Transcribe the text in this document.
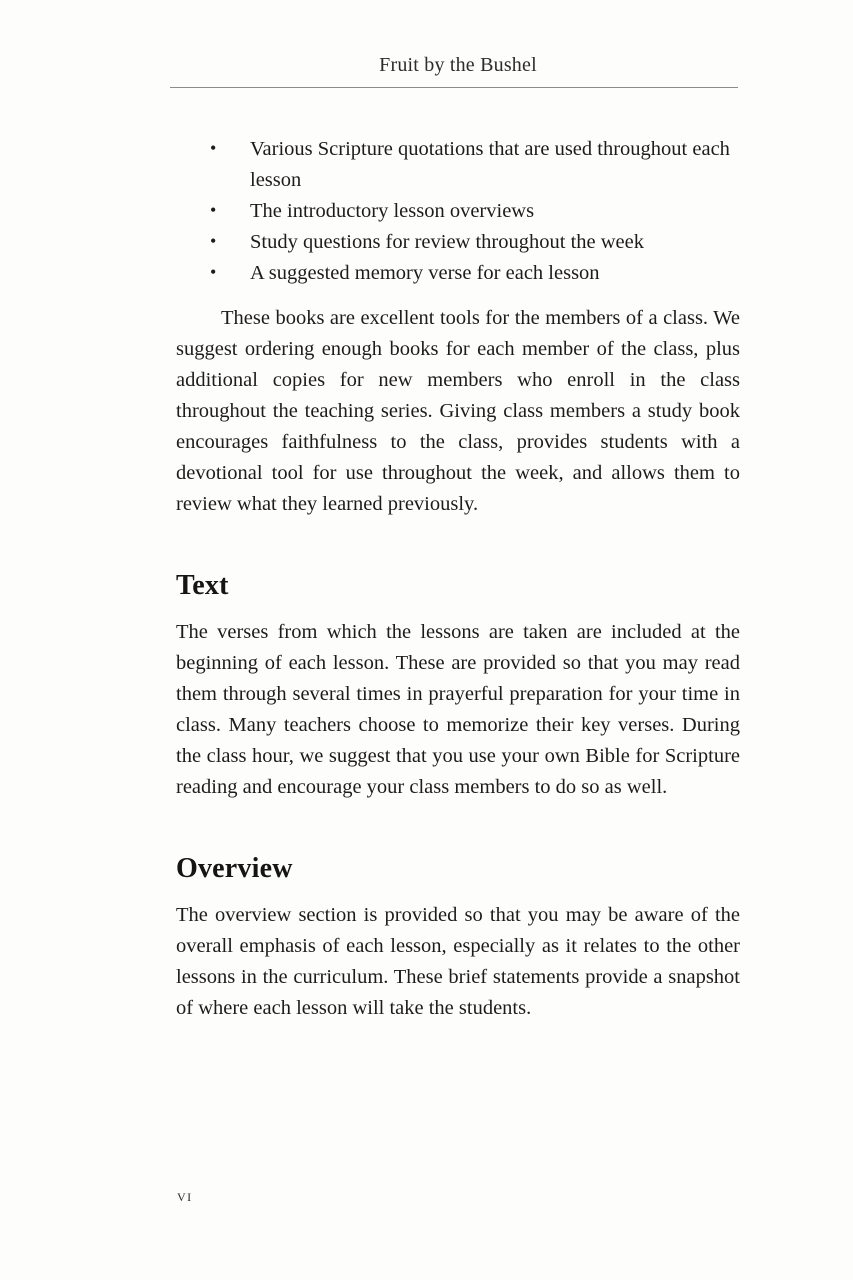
Fruit by the Bushel
• Various Scripture quotations that are used throughout each lesson
• The introductory lesson overviews
• Study questions for review throughout the week
• A suggested memory verse for each lesson

These books are excellent tools for the members of a class. We suggest ordering enough books for each member of the class, plus additional copies for new members who enroll in the class throughout the teaching series. Giving class members a study book encourages faithfulness to the class, provides students with a devotional tool for use throughout the week, and allows them to review what they learned previously.

Text

The verses from which the lessons are taken are included at the beginning of each lesson. These are provided so that you may read them through several times in prayerful preparation for your time in class. Many teachers choose to memorize their key verses. During the class hour, we suggest that you use your own Bible for Scripture reading and encourage your class members to do so as well.

Overview

The overview section is provided so that you may be aware of the overall emphasis of each lesson, especially as it relates to the other lessons in the curriculum. These brief statements provide a snapshot of where each lesson will take the students.

vi
